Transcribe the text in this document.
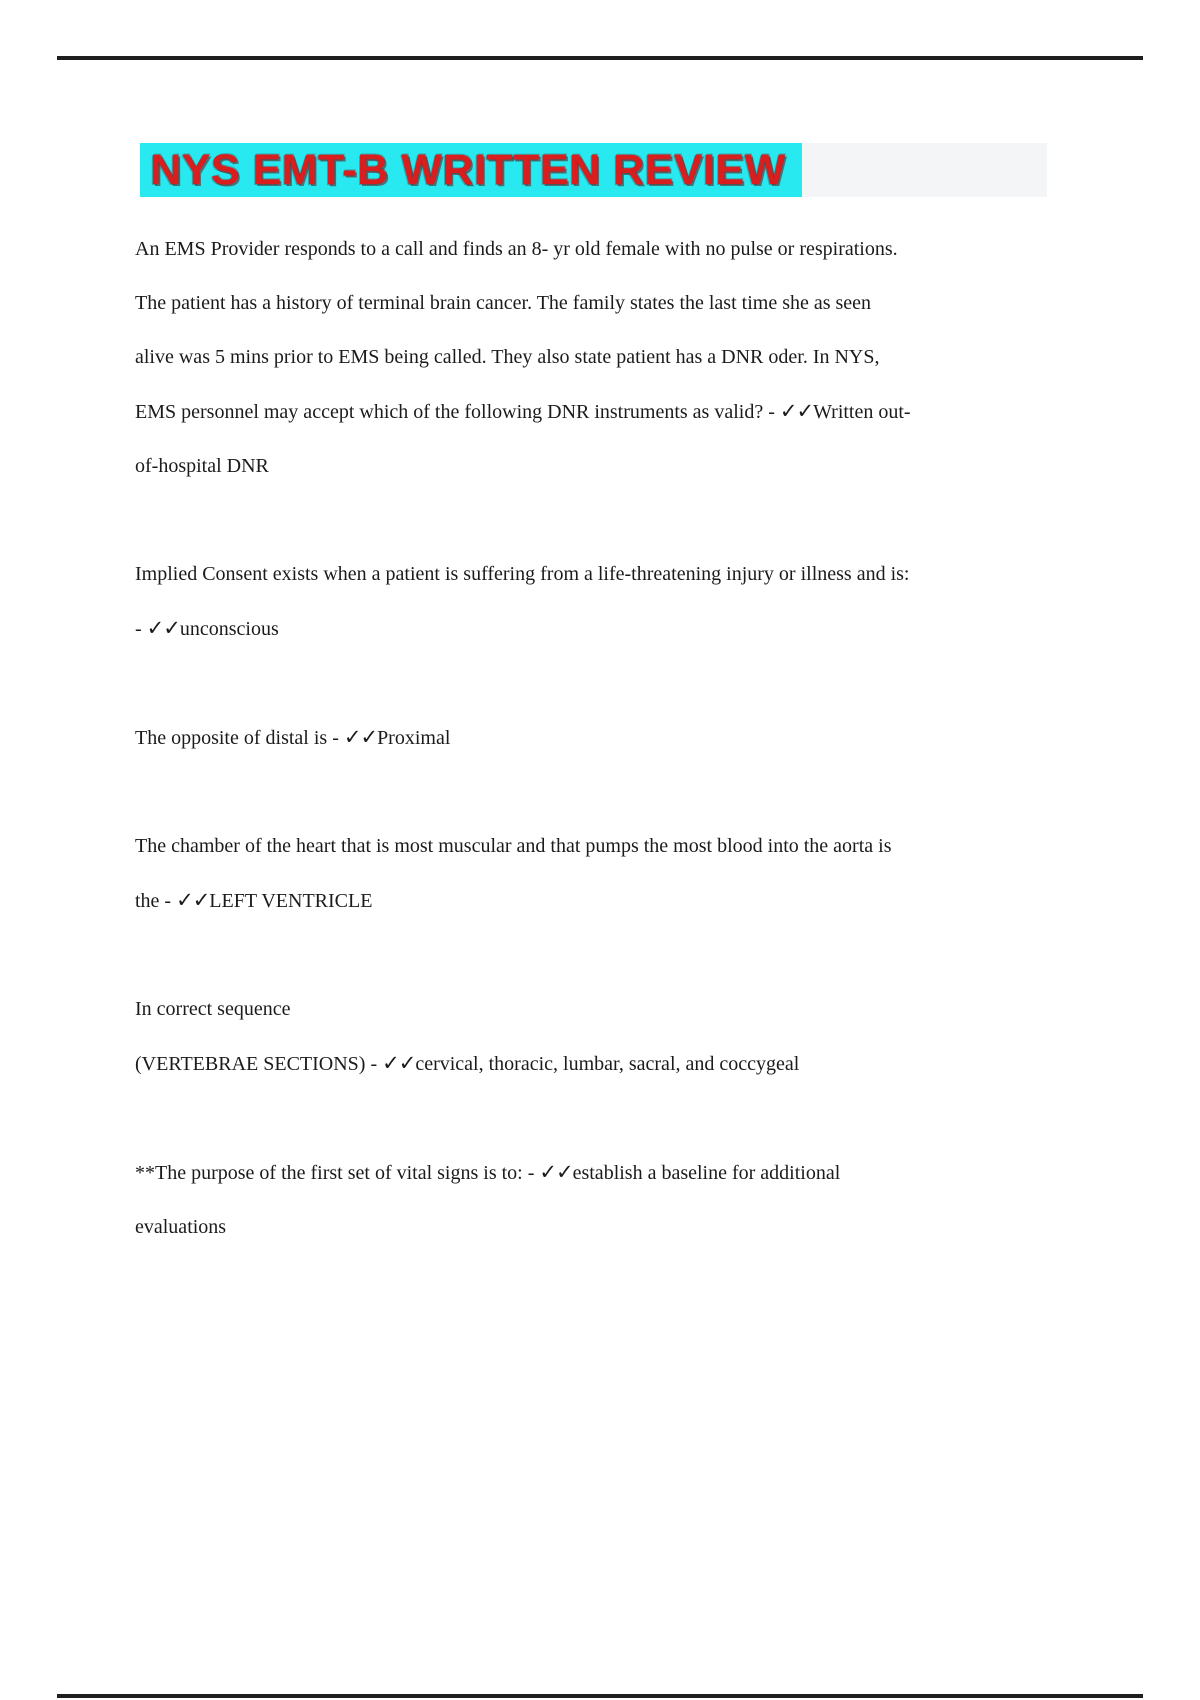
NYS EMT-B WRITTEN REVIEW
An EMS Provider responds to a call and finds an 8- yr old female with no pulse or respirations.
The patient has a history of terminal brain cancer. The family states the last time she as seen
alive was 5 mins prior to EMS being called. They also state patient has a DNR oder. In NYS,
EMS personnel may accept which of the following DNR instruments as valid? - ✓✓Written out-
of-hospital DNR
Implied Consent exists when a patient is suffering from a life-threatening injury or illness and is:
- ✓✓unconscious
The opposite of distal is - ✓✓Proximal
The chamber of the heart that is most muscular and that pumps the most blood into the aorta is
the - ✓✓LEFT VENTRICLE
In correct sequence
(VERTEBRAE SECTIONS) - ✓✓cervical, thoracic, lumbar, sacral, and coccygeal
**The purpose of the first set of vital signs is to: - ✓✓establish a baseline for additional
evaluations
